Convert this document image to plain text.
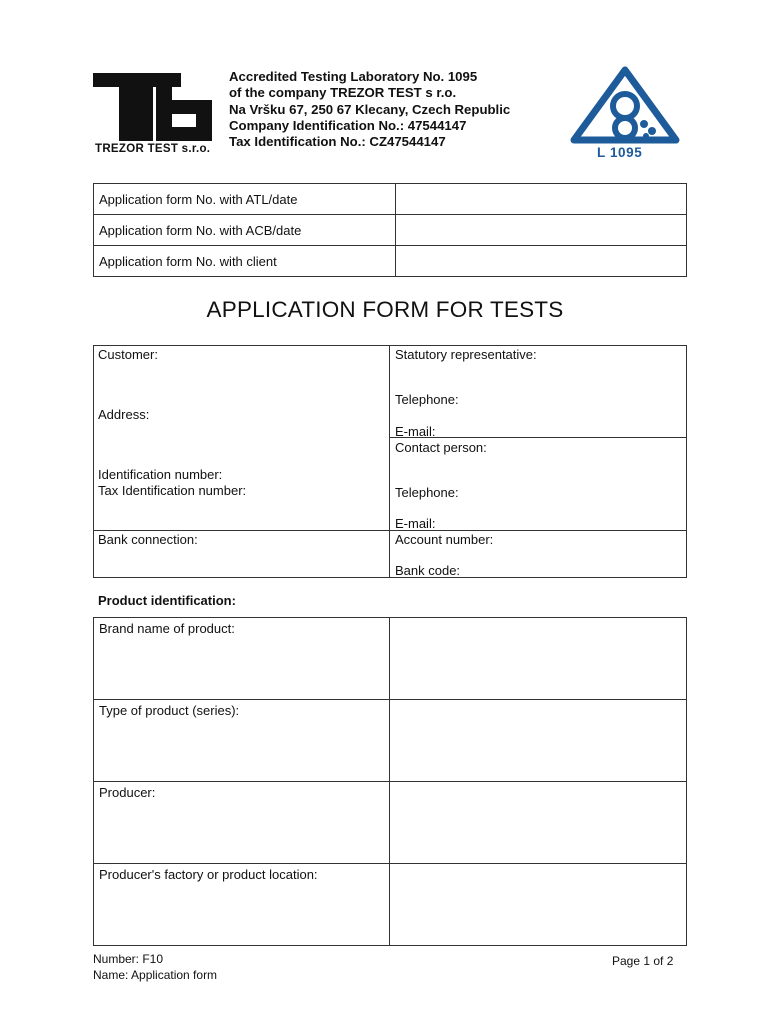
TREZOR TEST s.r.o.
Accredited Testing Laboratory No. 1095
of the company TREZOR TEST s r.o.
Na Vršku 67, 250 67 Klecany, Czech Republic
Company Identification No.: 47544147
Tax Identification No.: CZ47544147
L 1095
Application form No. with ATL/date	
Application form No. with ACB/date	
Application form No. with client	
APPLICATION FORM FOR TESTS
Customer:
Address:
Identification number:
Tax Identification number:
Bank connection:
Statutory representative:
Telephone:
E-mail:
Contact person:
Telephone:
E-mail:
Account number:
Bank code:
Product identification:
Brand name of product:	
Type of product (series):	
Producer:	
Producer's factory or product location:	
Number: F10
Name: Application form
Page 1 of 2
